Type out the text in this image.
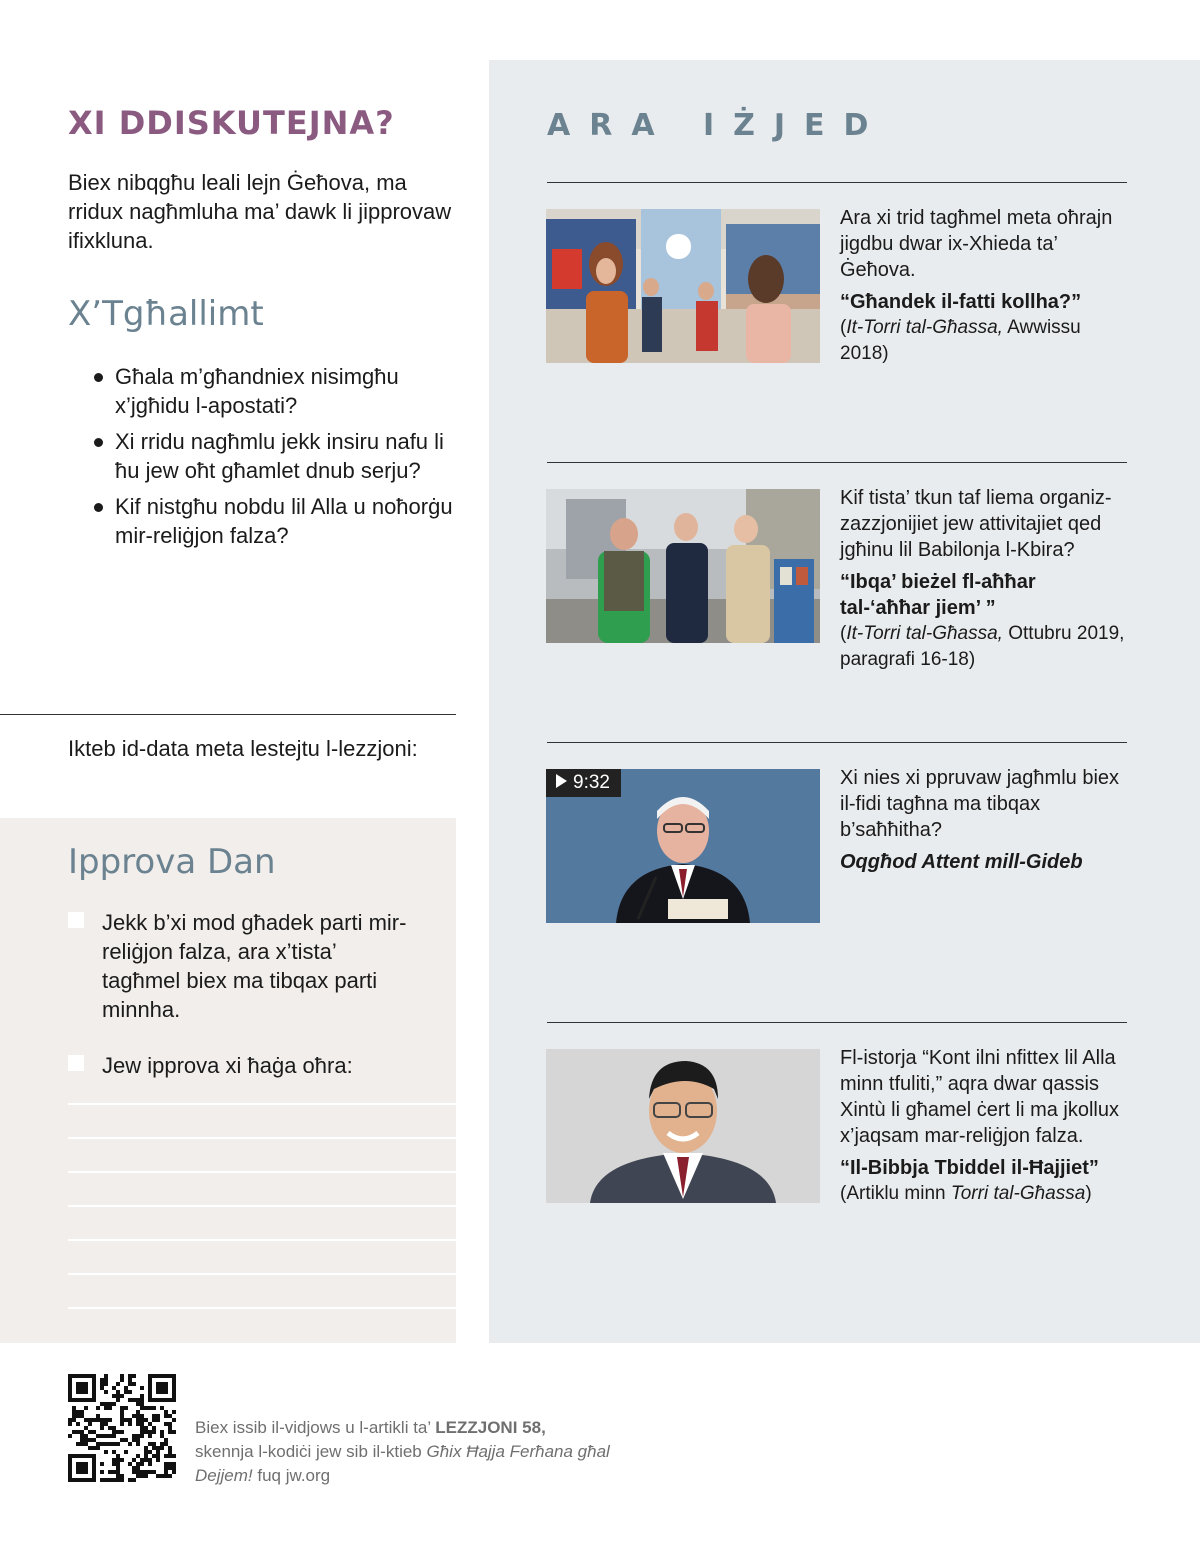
XI DDISKUTEJNA?

Biex nibqgħu leali lejn Ġeħova, ma rridux nagħmluha ma’ dawk li jipprovaw ifixkluna.

X’Tgħallimt
Għala m’għandniex nisimgħu x’jgħidu l-apostati?
Xi rridu nagħmlu jekk insiru nafu li ħu jew oħt għamlet dnub serju?
Kif nistgħu nobdu lil Alla u noħorġu mir-reliġjon falza?

Ikteb id-data meta lestejtu l-lezzjoni:

Ipprova Dan
Jekk b’xi mod għadek parti mir-reliġjon falza, ara x’tista’ tagħmel biex ma tibqax parti minnha.
Jew ipprova xi ħaġa oħra:
ARA IŻJED

Ara xi trid tagħmel meta oħrajn jigdbu dwar ix-Xhieda ta’ Ġeħova.

“Għandek il-fatti kollha?”

(It-Torri tal-Għassa, Awwissu 2018)

Kif tista’ tkun taf liema organiz-zazzjonijiet jew attivitajiet qed jgħinu lil Babilonja l-Kbira?

“Ibqa’ bieżel fl-aħħar tal-‘aħħar jiem’ ”

(It-Torri tal-Għassa, Ottubru 2019, paragrafi 16-18)

9:32	Xi nies xi ppruvaw jagħmlu biex il-fidi tagħna ma tibqax b’saħħitha?

Oqgħod Attent mill-Gideb

Fl-istorja “Kont ilni nfittex lil Alla minn tfuliti,” aqra dwar qassis Xintù li għamel ċert li ma jkollux x’jaqsam mar-reliġjon falza.

“Il-Bibbja Tbiddel il-Ħajjiet”

(Artiklu minn Torri tal-Għassa)

Biex issib il-vidjows u l-artikli ta’ LEZZJONI 58,
skennja l-kodiċi jew sib il-ktieb Għix Ħajja Ferħana għal Dejjem! fuq jw.org
